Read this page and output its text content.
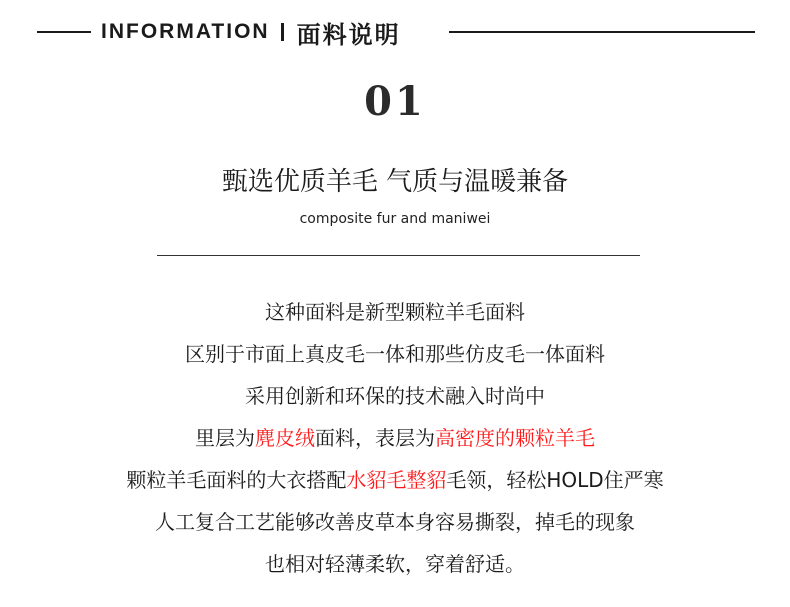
INFORMATION 面料说明
01
甄选优质羊毛 气质与温暖兼备
composite fur and maniwei
这种面料是新型颗粒羊毛面料
区别于市面上真皮毛一体和那些仿皮毛一体面料
采用创新和环保的技术融入时尚中
里层为麂皮绒面料，表层为高密度的颗粒羊毛
颗粒羊毛面料的大衣搭配水貂毛整貂毛领，轻松HOLD住严寒
人工复合工艺能够改善皮草本身容易撕裂，掉毛的现象
也相对轻薄柔软，穿着舒适。
